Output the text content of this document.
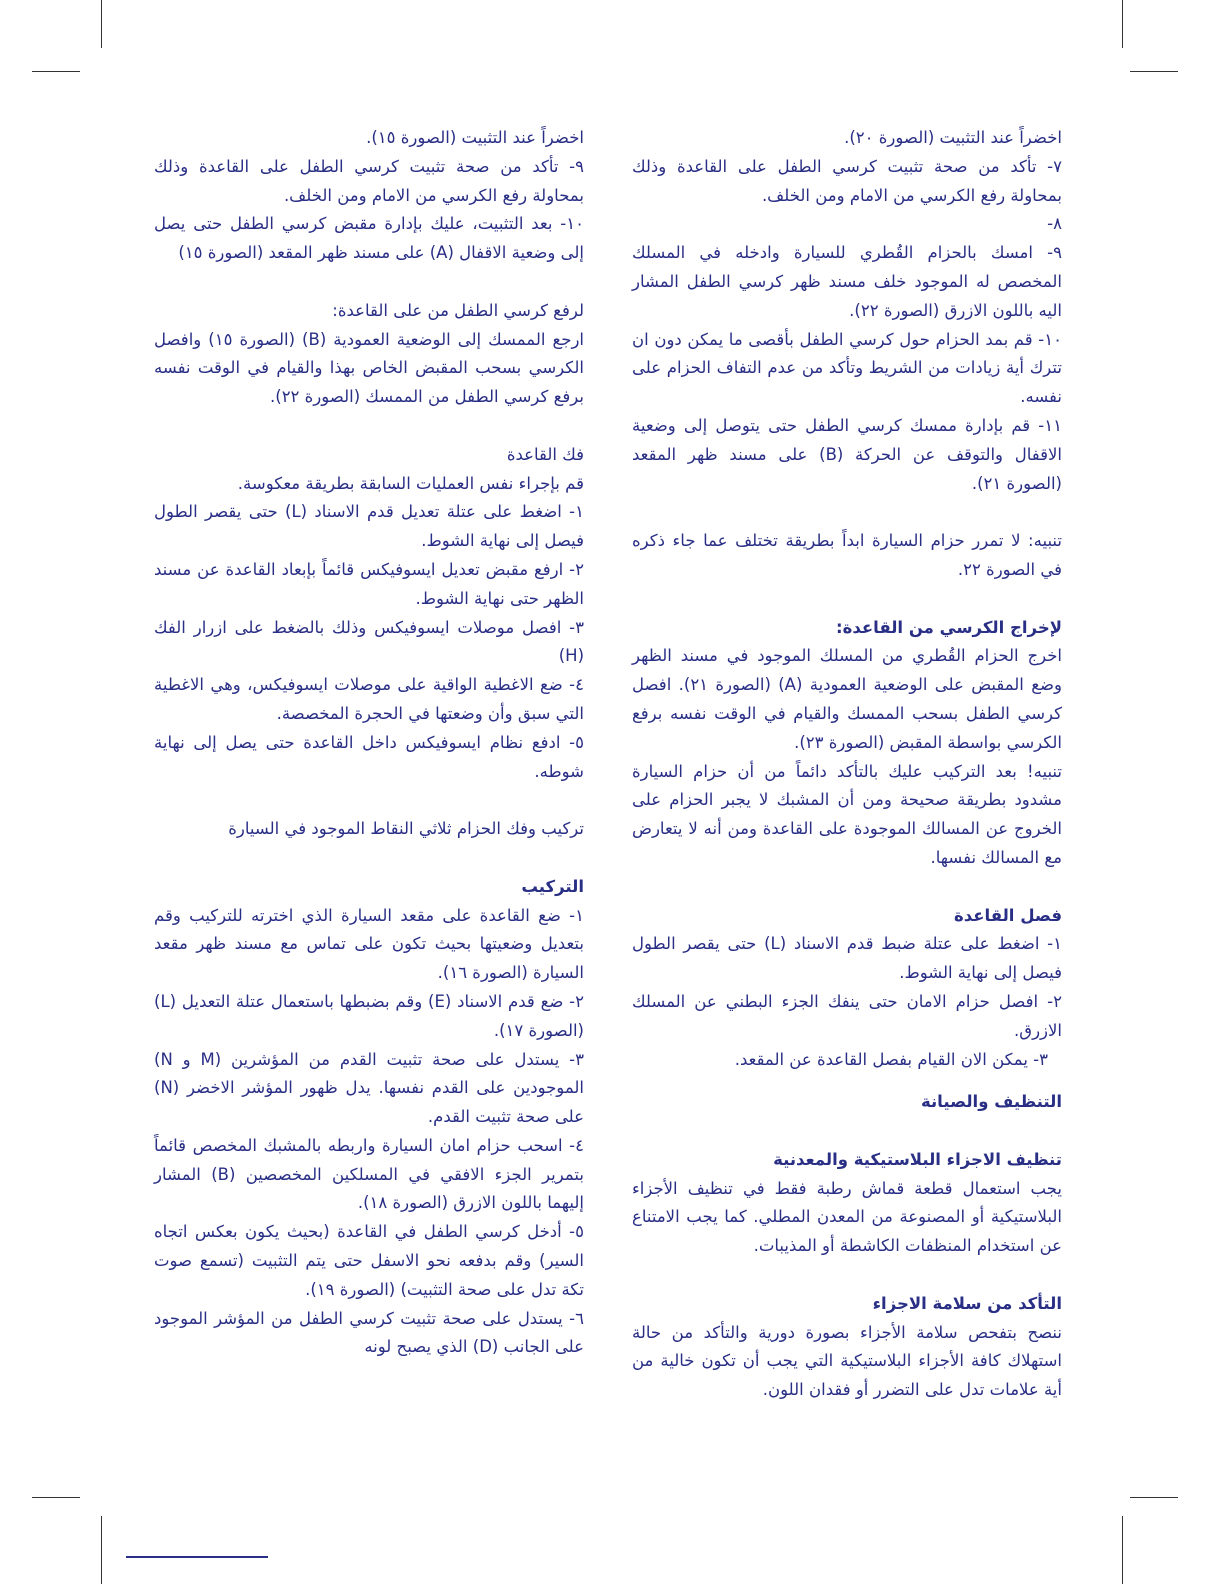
اخضراً عند التثبيت (الصورة ٢٠).

٧- تأكد من صحة تثبيت كرسي الطفل على القاعدة وذلك بمحاولة رفع الكرسي من الامام ومن الخلف.

٨-

٩- امسك بالحزام القُطري للسيارة وادخله في المسلك المخصص له الموجود خلف مسند ظهر كرسي الطفل المشار اليه باللون الازرق (الصورة ٢٢).

١٠- قم بمد الحزام حول كرسي الطفل بأقصى ما يمكن دون ان تترك أية زيادات من الشريط وتأكد من عدم التفاف الحزام على نفسه.

١١- قم بإدارة ممسك كرسي الطفل حتى يتوصل إلى وضعية الاقفال والتوقف عن الحركة (B) على مسند ظهر المقعد (الصورة ٢١).

تنبيه: لا تمرر حزام السيارة ابداً بطريقة تختلف عما جاء ذكره في الصورة ٢٢.

لإخراج الكرسي من القاعدة:

اخرج الحزام القُطري من المسلك الموجود في مسند الظهر وضع المقبض على الوضعية العمودية (A) (الصورة ٢١). افصل كرسي الطفل بسحب الممسك والقيام في الوقت نفسه برفع الكرسي بواسطة المقبض (الصورة ٢٣).

تنبيه! بعد التركيب عليك بالتأكد دائماً من أن حزام السيارة مشدود بطريقة صحيحة ومن أن المشبك لا يجبر الحزام على الخروج عن المسالك الموجودة على القاعدة ومن أنه لا يتعارض مع المسالك نفسها.

فصل القاعدة

١- اضغط على عتلة ضبط قدم الاسناد (L) حتى يقصر الطول فيصل إلى نهاية الشوط.

٢- افصل حزام الامان حتى ينفك الجزء البطني عن المسلك الازرق.

٣- يمكن الان القيام بفصل القاعدة عن المقعد.

التنظيف والصيانة

تنظيف الاجزاء البلاستيكية والمعدنية

يجب استعمال قطعة قماش رطبة فقط في تنظيف الأجزاء البلاستيكية أو المصنوعة من المعدن المطلي. كما يجب الامتناع عن استخدام المنظفات الكاشطة أو المذيبات.

التأكد من سلامة الاجزاء

ننصح بتفحص سلامة الأجزاء بصورة دورية والتأكد من حالة استهلاك كافة الأجزاء البلاستيكية التي يجب أن تكون خالية من أية علامات تدل على التضرر أو فقدان اللون.

اخضراً عند التثبيت (الصورة ١٥).

٩- تأكد من صحة تثبيت كرسي الطفل على القاعدة وذلك بمحاولة رفع الكرسي من الامام ومن الخلف.

١٠- بعد التثبيت، عليك بإدارة مقبض كرسي الطفل حتى يصل إلى وضعية الاقفال (A) على مسند ظهر المقعد (الصورة ١٥)

لرفع كرسي الطفل من على القاعدة:

ارجع الممسك إلى الوضعية العمودية (B) (الصورة ١٥) وافصل الكرسي بسحب المقبض الخاص بهذا والقيام في الوقت نفسه برفع كرسي الطفل من الممسك (الصورة ٢٢).

فك القاعدة

قم بإجراء نفس العمليات السابقة بطريقة معكوسة.

١- اضغط على عتلة تعديل قدم الاسناد (L) حتى يقصر الطول فيصل إلى نهاية الشوط.

٢- ارفع مقبض تعديل ايسوفيكس قائماً بإبعاد القاعدة عن مسند الظهر حتى نهاية الشوط.

٣- افصل موصلات ايسوفيكس وذلك بالضغط على ازرار الفك (H)

٤- ضع الاغطية الواقية على موصلات ايسوفيكس، وهي الاغطية التي سبق وأن وضعتها في الحجرة المخصصة.

٥- ادفع نظام ايسوفيكس داخل القاعدة حتى يصل إلى نهاية شوطه.

تركيب وفك الحزام ثلاثي النقاط الموجود في السيارة

التركيب

١- ضع القاعدة على مقعد السيارة الذي اخترته للتركيب وقم بتعديل وضعيتها بحيث تكون على تماس مع مسند ظهر مقعد السيارة (الصورة ١٦).

٢- ضع قدم الاسناد (E) وقم بضبطها باستعمال عتلة التعديل (L) (الصورة ١٧).

٣- يستدل على صحة تثبيت القدم من المؤشرين (M و N) الموجودين على القدم نفسها. يدل ظهور المؤشر الاخضر (N) على صحة تثبيت القدم.

٤- اسحب حزام امان السيارة واربطه بالمشبك المخصص قائماً بتمرير الجزء الافقي في المسلكين المخصصين (B) المشار إليهما باللون الازرق (الصورة ١٨).

٥- أدخل كرسي الطفل في القاعدة (بحيث يكون بعكس اتجاه السير) وقم بدفعه نحو الاسفل حتى يتم التثبيت (تسمع صوت تكة تدل على صحة التثبيت) (الصورة ١٩).

٦- يستدل على صحة تثبيت كرسي الطفل من المؤشر الموجود على الجانب (D) الذي يصبح لونه
